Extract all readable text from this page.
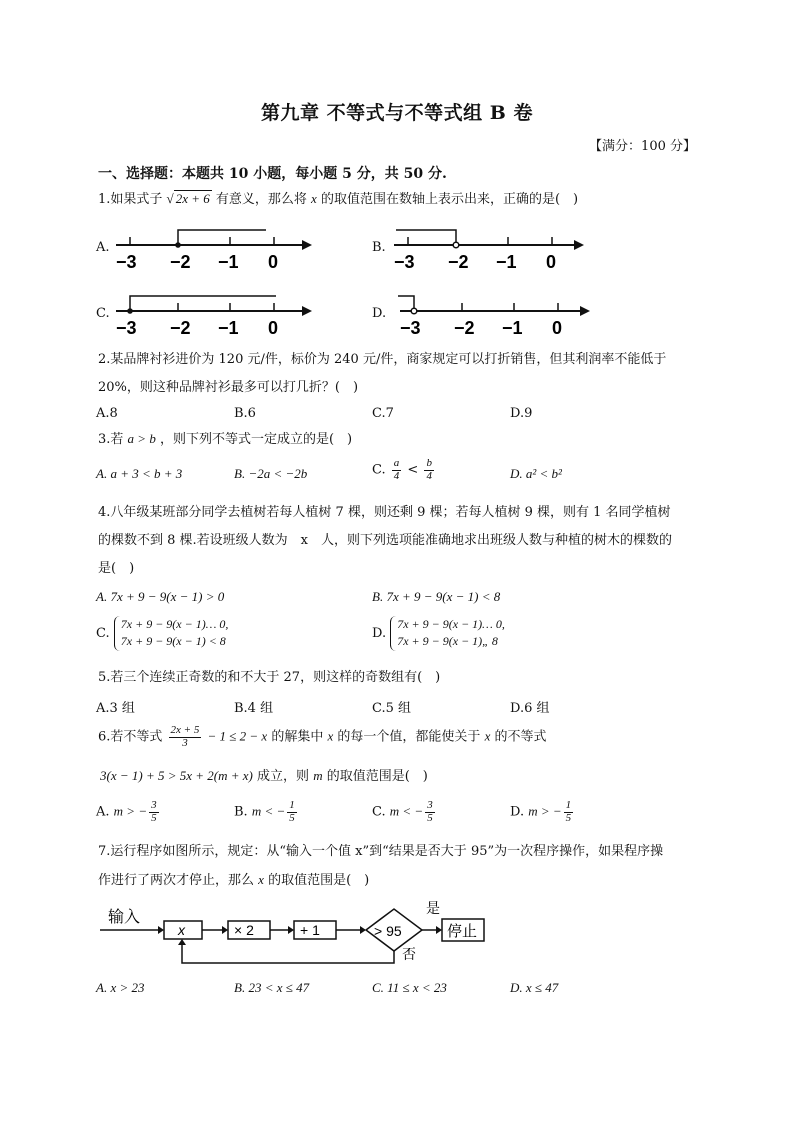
第九章 不等式与不等式组 B 卷
【满分：100 分】
一、选择题：本题共 10 小题，每小题 5 分，共 50 分.
1.如果式子 √ 2x + 6 有意义，那么将 x 的取值范围在数轴上表示出来，正确的是(　)
A.
−3 −2 −1 0
B.
−3 −2 −1 0
C.
−3 −2 −1 0
D.
−3 −2 −1 0
2.某品牌衬衫进价为 120 元/件，标价为 240 元/件，商家规定可以打折销售，但其利润率不能低于
20%，则这种品牌衬衫最多可以打几折？(　)
A.8	B.6	C.7	D.9
3.若 a > b ，则下列不等式一定成立的是(　)
A. a + 3 < b + 3	B. −2a < −2b	C. $\frac{a}{4} < \frac{b}{4}$	D. a² < b²
4.八年级某班部分同学去植树若每人植树 7 棵，则还剩 9 棵；若每人植树 9 棵，则有 1 名同学植树
的棵数不到 8 棵.若设班级人数为　x　人，则下列选项能准确地求出班级人数与种植的树木的棵数的
是(　)
A. 7x + 9 − 9(x − 1) > 0	B. 7x + 9 − 9(x − 1) < 8
C. 7x + 9 − 9(x − 1)… 0,
7x + 9 − 9(x − 1) < 8
D. 7x + 9 − 9(x − 1)… 0,
7x + 9 − 9(x − 1)„ 8
5.若三个连续正奇数的和不大于 27，则这样的奇数组有(　)
A.3 组	B.4 组	C.5 组	D.6 组
6.若不等式 $\frac{2x + 5}{3} - 1 \le 2 - x$ 的解集中 x 的每一个值，都能使关于 x 的不等式
3(x − 1) + 5 > 5x + 2(m + x) 成立，则 m 的取值范围是(　)
A. m > − $\frac{3}{5}$	B. m < − $\frac{1}{5}$	C. m < − $\frac{3}{5}$	D. m > − $\frac{1}{5}$
7.运行程序如图所示，规定：从“输入一个值 x”到“结果是否大于 95”为一次程序操作，如果程序操
作进行了两次才停止，那么 x 的取值范围是(　)
输入
x	× 2	+ 1	> 95
是
停止
否
A. x > 23	B. 23 < x ≤ 47	C. 11 ≤ x < 23	D. x ≤ 47
